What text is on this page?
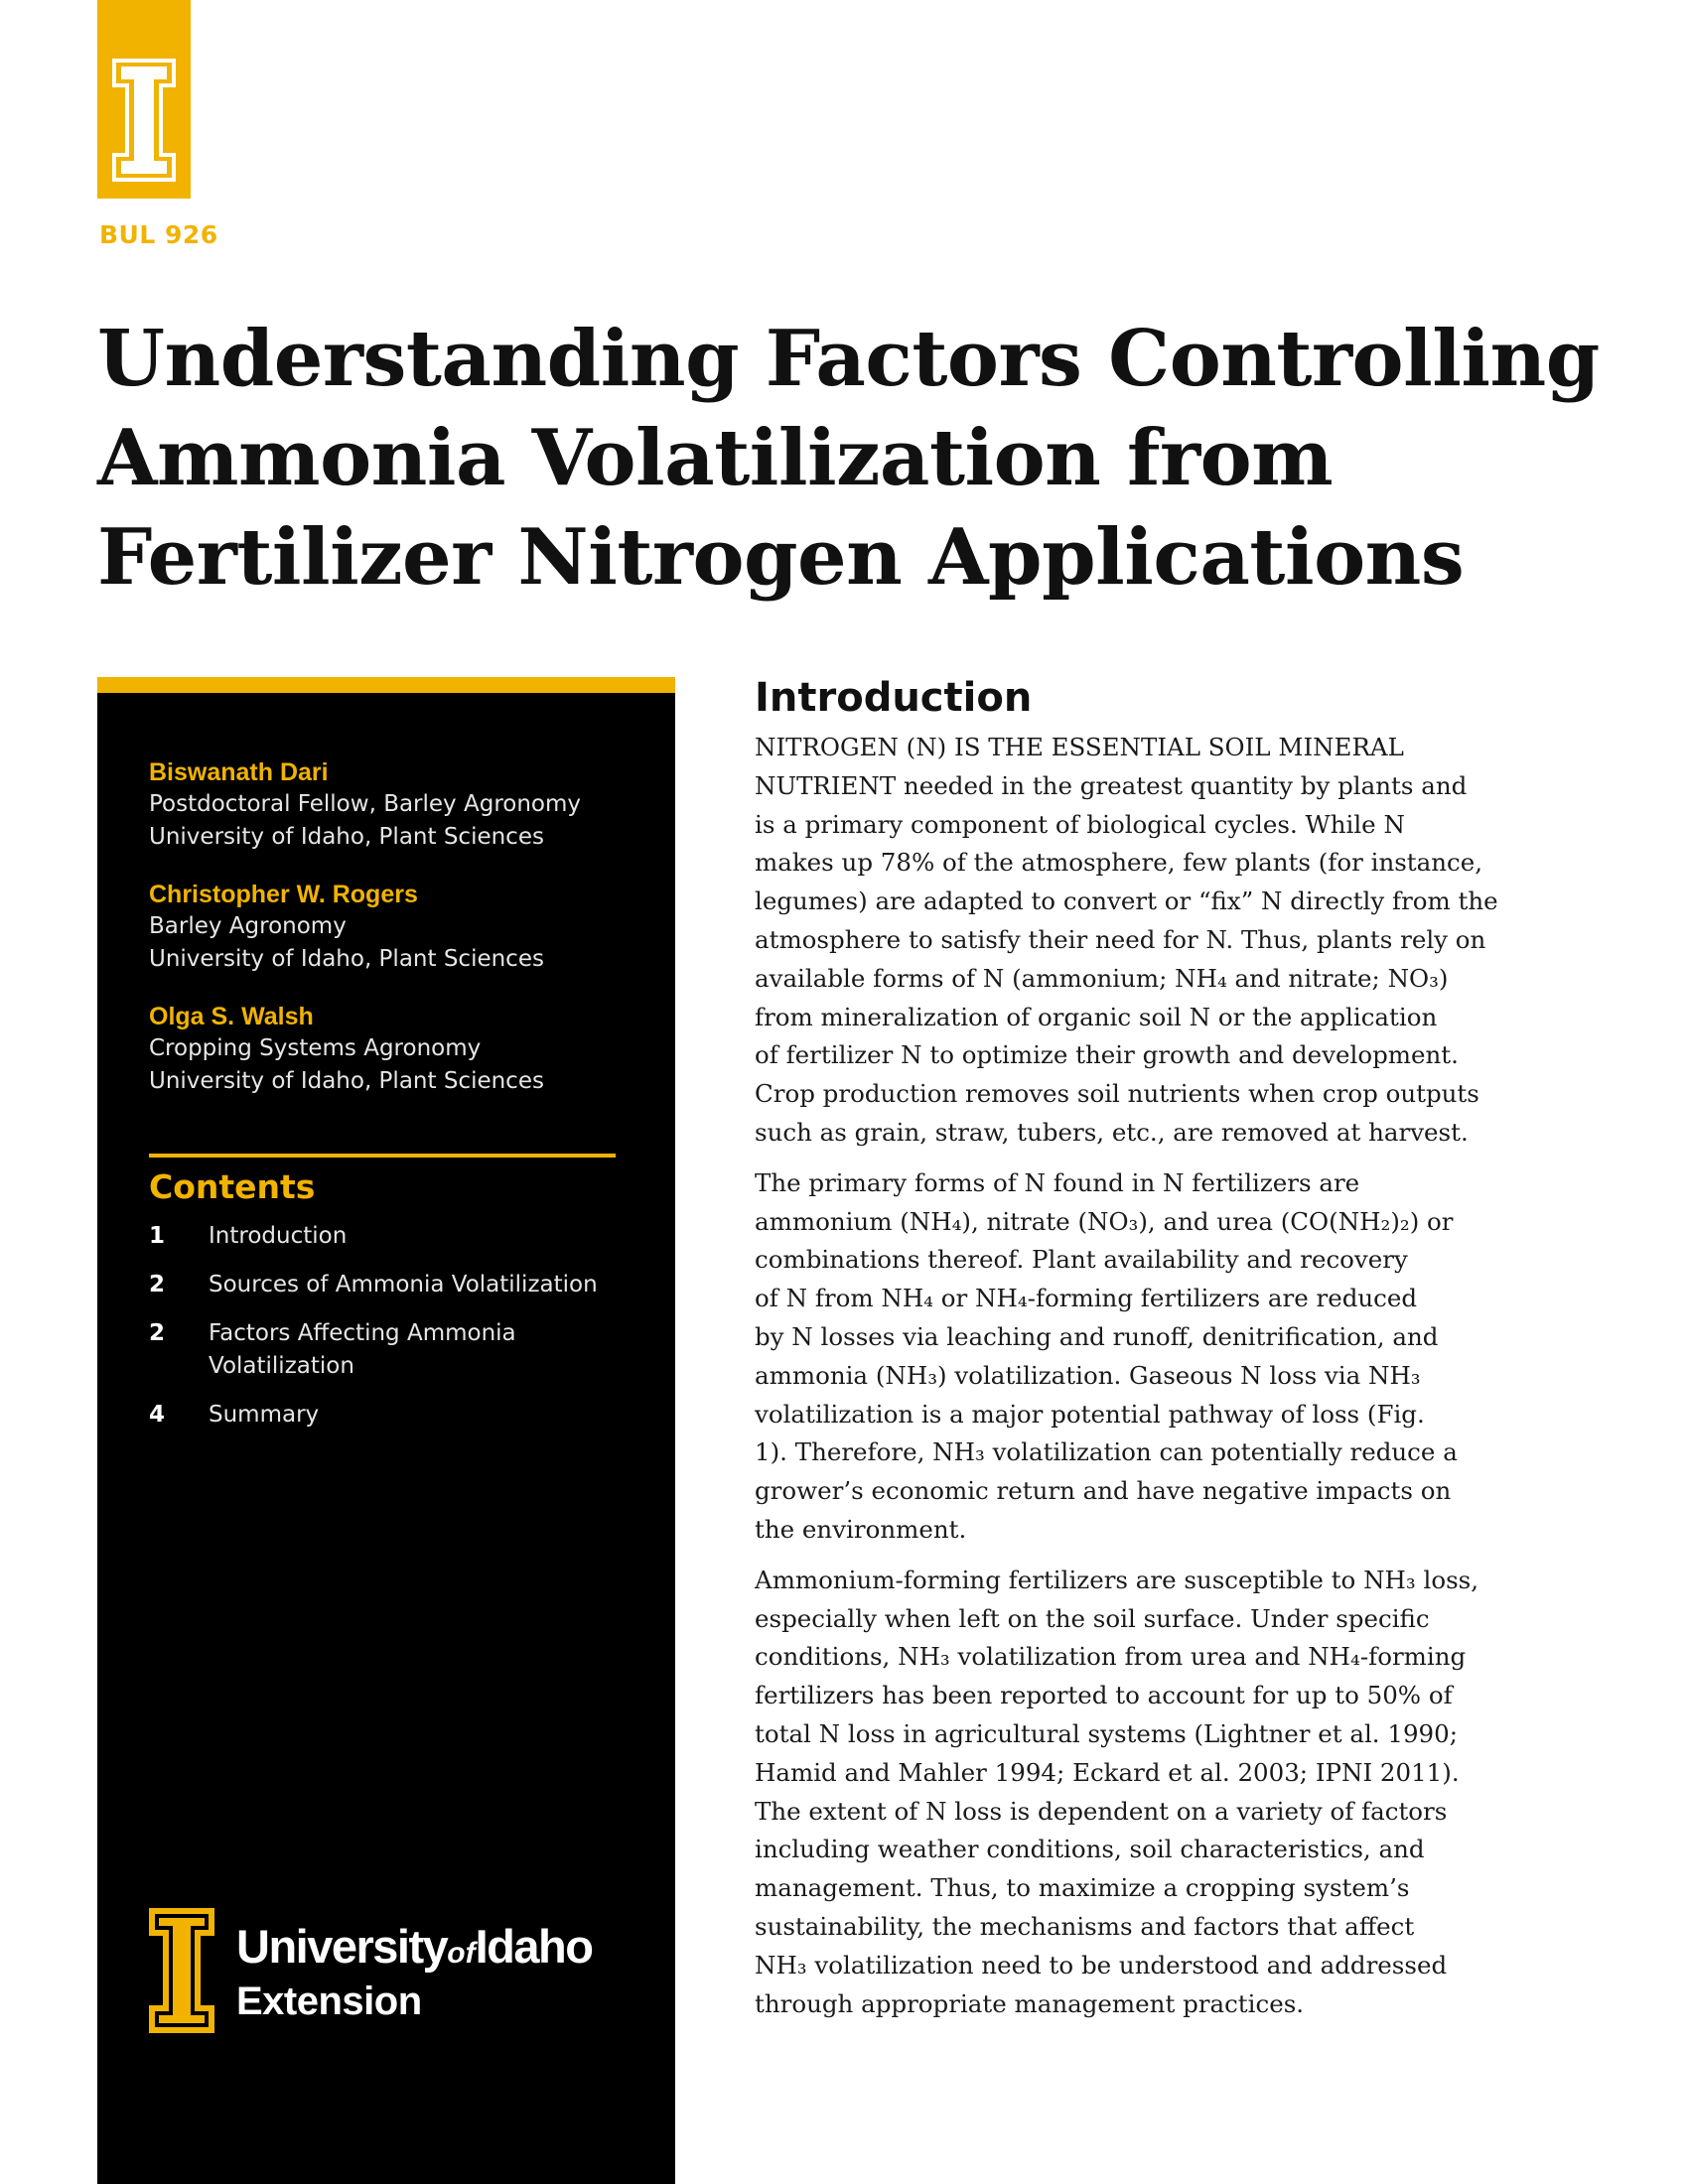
BUL 926
Understanding Factors Controlling
Ammonia Volatilization from
Fertilizer Nitrogen Applications
Biswanath Dari
Postdoctoral Fellow, Barley Agronomy
University of Idaho, Plant Sciences
Christopher W. Rogers
Barley Agronomy
University of Idaho, Plant Sciences
Olga S. Walsh
Cropping Systems Agronomy
University of Idaho, Plant Sciences
Contents
1	Introduction
2	Sources of Ammonia Volatilization
2	Factors Affecting Ammonia Volatilization
4	Summary
UniversityofIdaho
Extension
Introduction
NITROGEN (N) IS THE ESSENTIAL SOIL MINERAL
NUTRIENT needed in the greatest quantity by plants and
is a primary component of biological cycles. While N
makes up 78% of the atmosphere, few plants (for instance,
legumes) are adapted to convert or “fix” N directly from the
atmosphere to satisfy their need for N. Thus, plants rely on
available forms of N (ammonium; NH₄ and nitrate; NO₃)
from mineralization of organic soil N or the application
of fertilizer N to optimize their growth and development.
Crop production removes soil nutrients when crop outputs
such as grain, straw, tubers, etc., are removed at harvest.
The primary forms of N found in N fertilizers are
ammonium (NH₄), nitrate (NO₃), and urea (CO(NH₂)₂) or
combinations thereof. Plant availability and recovery
of N from NH₄ or NH₄-forming fertilizers are reduced
by N losses via leaching and runoff, denitrification, and
ammonia (NH₃) volatilization. Gaseous N loss via NH₃
volatilization is a major potential pathway of loss (Fig.
1). Therefore, NH₃ volatilization can potentially reduce a
grower’s economic return and have negative impacts on
the environment.
Ammonium-forming fertilizers are susceptible to NH₃ loss,
especially when left on the soil surface. Under specific
conditions, NH₃ volatilization from urea and NH₄-forming
fertilizers has been reported to account for up to 50% of
total N loss in agricultural systems (Lightner et al. 1990;
Hamid and Mahler 1994; Eckard et al. 2003; IPNI 2011).
The extent of N loss is dependent on a variety of factors
including weather conditions, soil characteristics, and
management. Thus, to maximize a cropping system’s
sustainability, the mechanisms and factors that affect
NH₃ volatilization need to be understood and addressed
through appropriate management practices.
